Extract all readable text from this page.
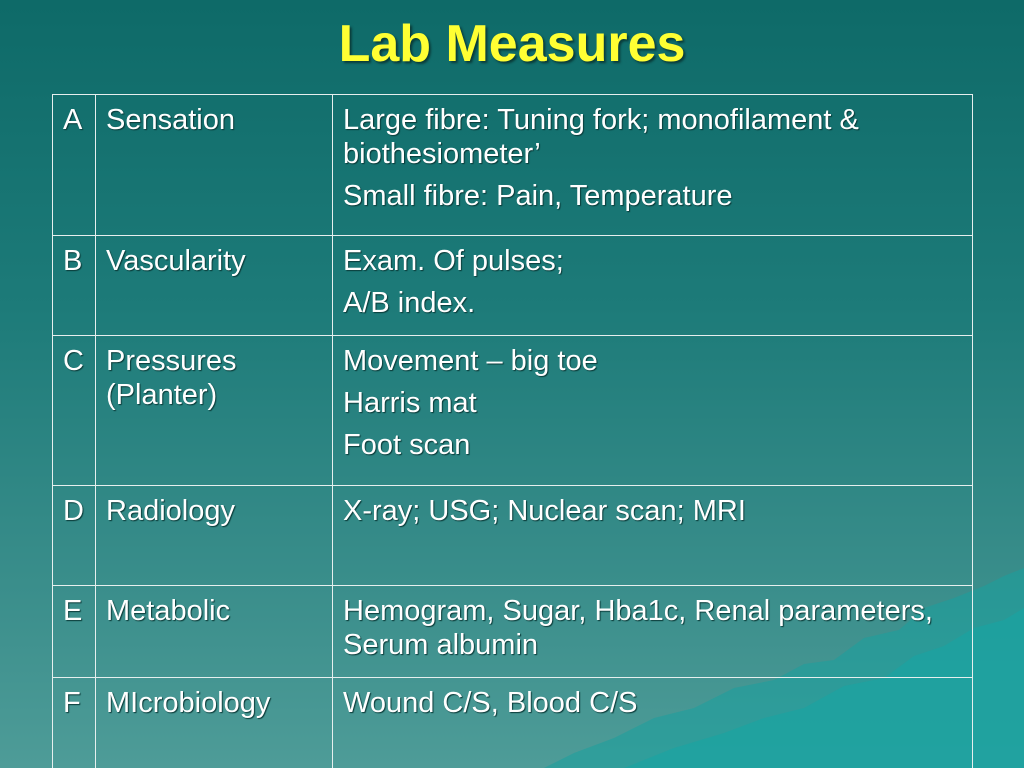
Lab Measures
A	Sensation	Large fibre: Tuning fork; monofilament & biothesiometer’
Small fibre: Pain, Temperature

B	Vascularity	Exam. Of pulses;
A/B index.

C	Pressures (Planter)	Movement – big toe
Harris mat
Foot scan

D	Radiology	X-ray; USG; Nuclear scan; MRI

E	Metabolic	Hemogram, Sugar, Hba1c, Renal parameters, Serum albumin

F	MIcrobiology	Wound C/S, Blood C/S
